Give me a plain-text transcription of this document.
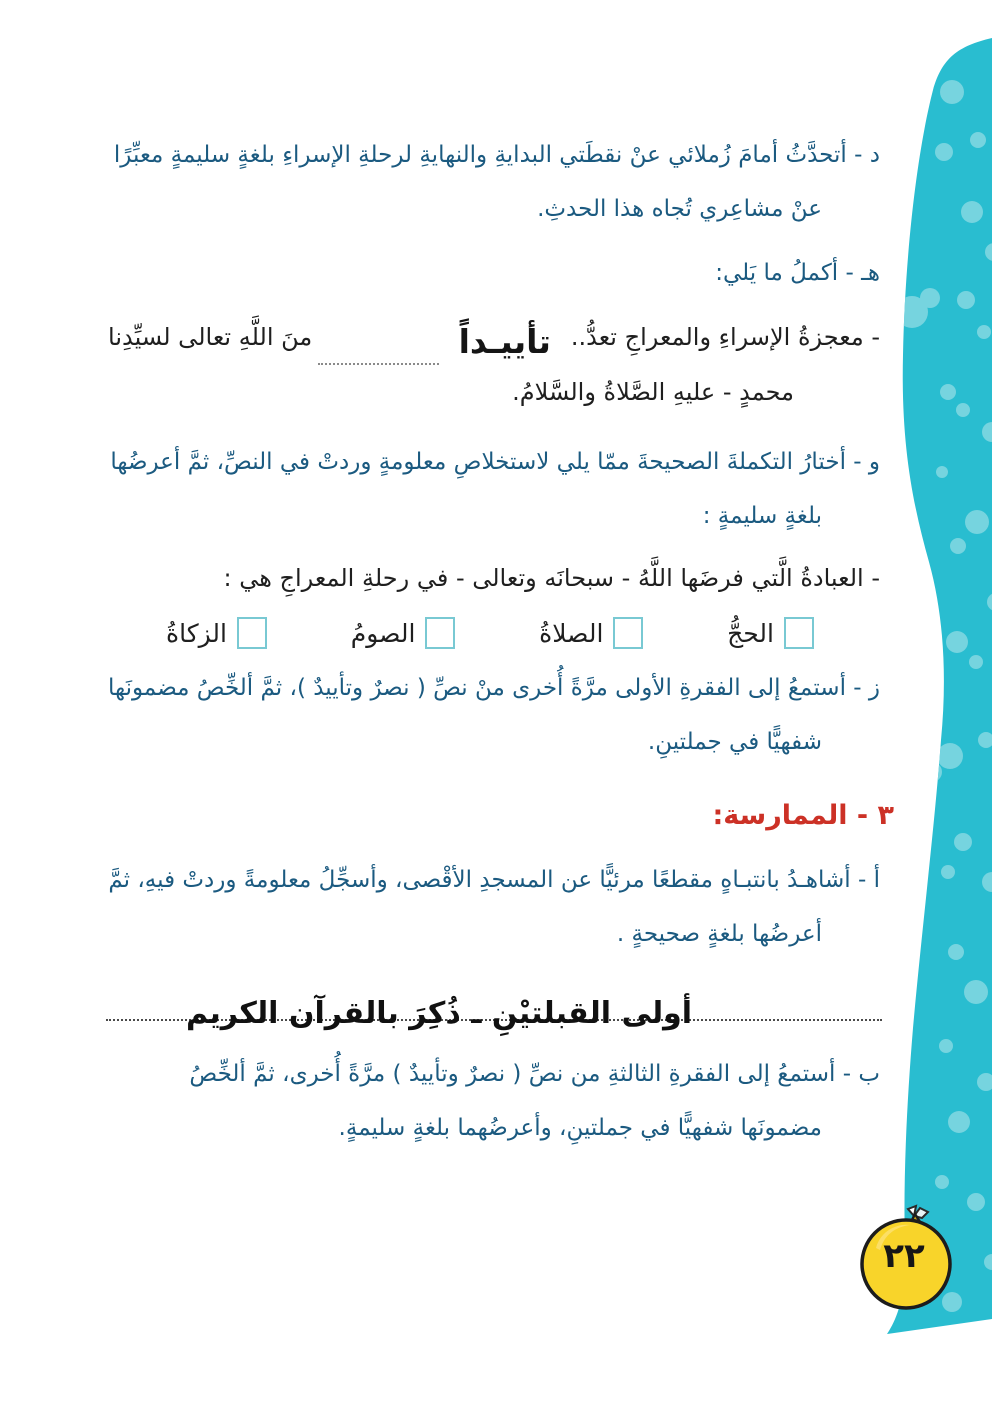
د - أتحدَّثُ أمامَ زُملائي عنْ نقطَتي البدايةِ والنهايةِ لرحلةِ الإسراءِ بلغةٍ سليمةٍ معبِّرًا عنْ مشاعِري تُجاه هذا الحدثِ.

هـ - أكملُ ما يَلي:

- معجزةُ الإسراءِ والمعراجِ تعدُّ..
تأييـداً
منَ اللَّهِ تعالى لسيِّدِنا
محمدٍ - عليهِ الصَّلاةُ والسَّلامُ.

و - أختارُ التكملةَ الصحيحةَ ممّا يلي لاستخلاصِ معلومةٍ وردتْ في النصِّ، ثمَّ أعرضُها بلغةٍ سليمةٍ :

- العبادةُ الَّتي فرضَها اللَّهُ - سبحانَه وتعالى - في رحلةِ المعراجِ هي :

الحجُّ
الصلاةُ
الصومُ
الزكاةُ

ز - أستمعُ إلى الفقرةِ الأولى مرَّةً أُخرى منْ نصِّ ( نصرٌ وتأييدٌ )، ثمَّ ألخِّصُ مضمونَها شفهيًّا في جملتينِ.

٣ - الممارسة:

أ - أشاهـدُ بانتبـاهٍ مقطعًا مرئيًّا عن المسجدِ الأقْصى، وأسجِّلُ معلومةً وردتْ فيهِ، ثمَّ أعرضُها بلغةٍ صحيحةٍ .

أولى القبلتيْنِ ـ ذُكِرَ بالقرآن الكريم

ب - أستمعُ إلى الفقرةِ الثالثةِ من نصِّ ( نصرٌ وتأييدٌ ) مرَّةً أُخرى، ثمَّ ألخِّصُ مضمونَها شفهيًّا في جملتينِ، وأعرضُهما بلغةٍ سليمةٍ.

٢٢
